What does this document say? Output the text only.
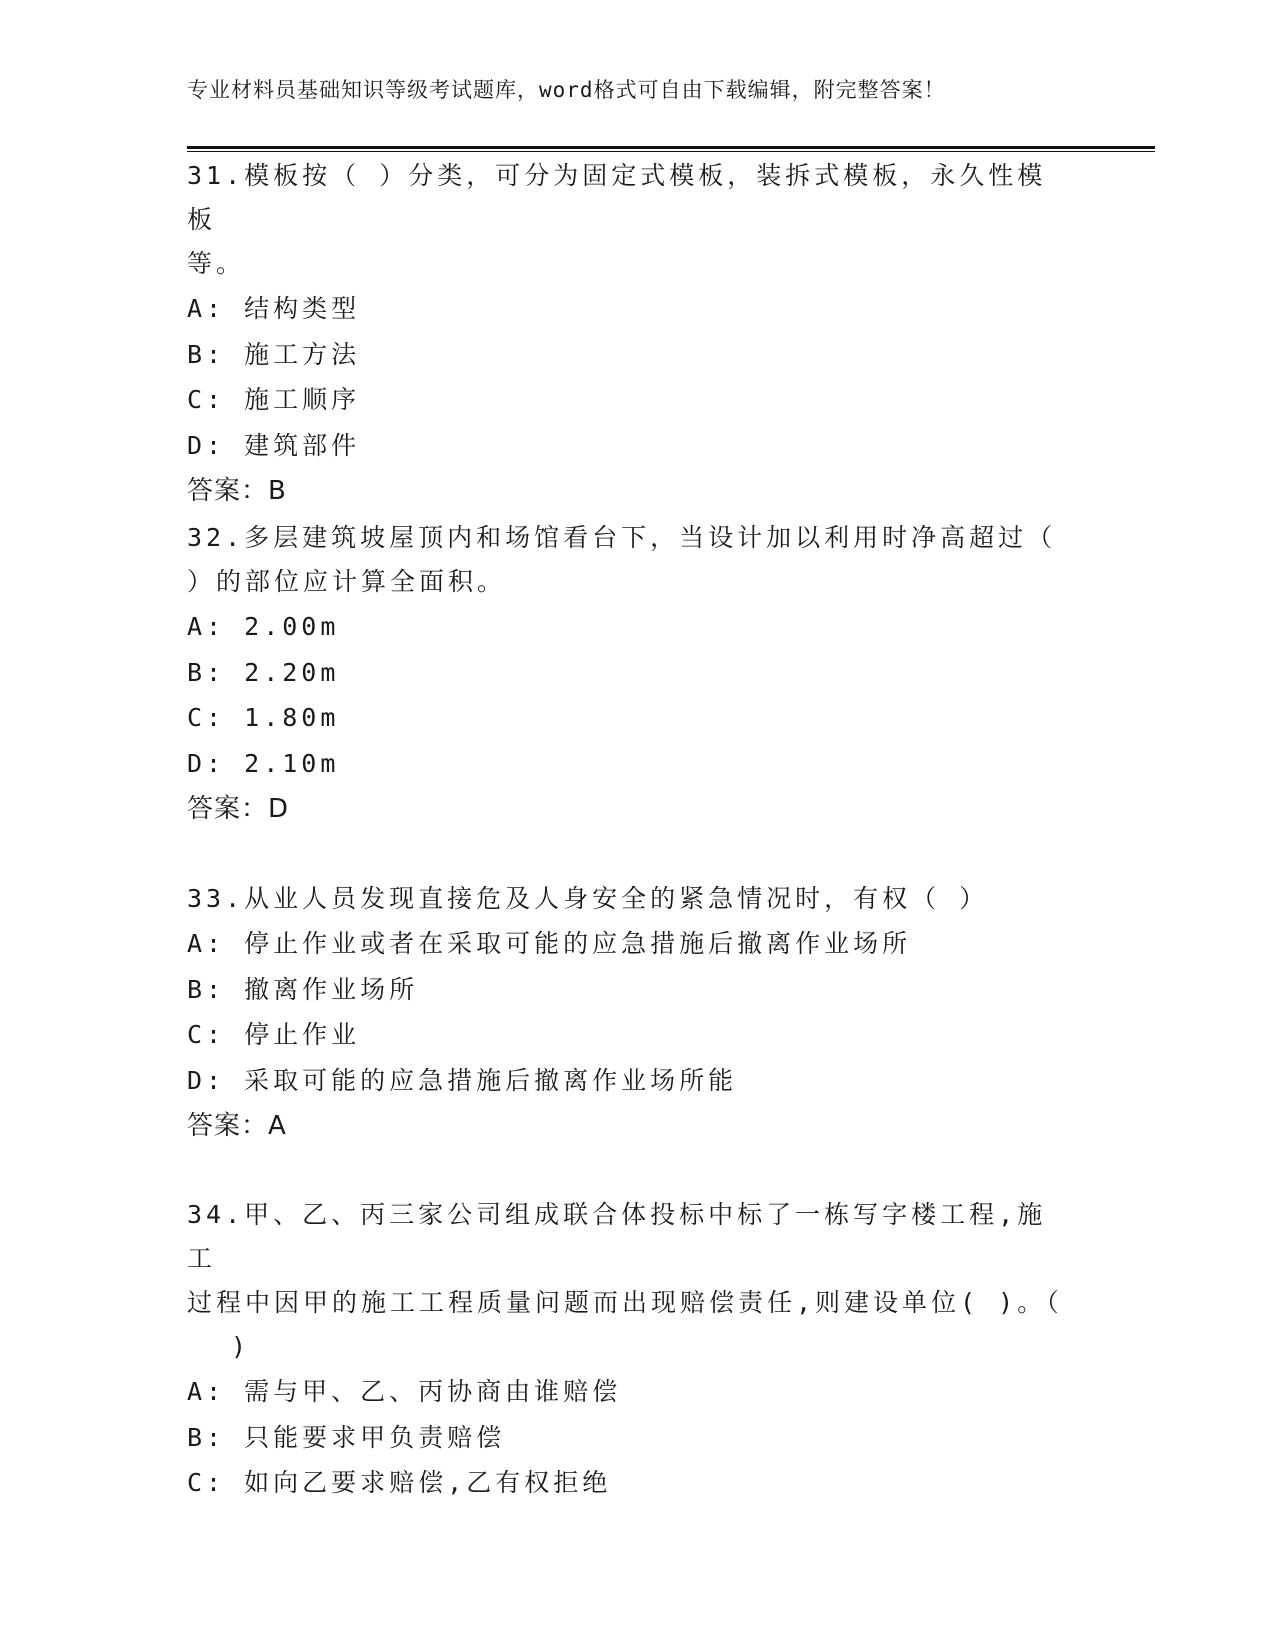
专业材料员基础知识等级考试题库，word格式可自由下载编辑，附完整答案！

31.模板按（ ）分类，可分为固定式模板，装拆式模板，永久性模板

等。

A: 结构类型

B: 施工方法

C: 施工顺序

D: 建筑部件

答案：B

32.多层建筑坡屋顶内和场馆看台下，当设计加以利用时净高超过（

）的部位应计算全面积。

A: 2.00m

B: 2.20m

C: 1.80m

D: 2.10m

答案：D

33.从业人员发现直接危及人身安全的紧急情况时，有权（ ）

A: 停止作业或者在采取可能的应急措施后撤离作业场所

B: 撤离作业场所

C: 停止作业

D: 采取可能的应急措施后撤离作业场所能

答案：A

34.甲、乙、丙三家公司组成联合体投标中标了一栋写字楼工程,施工

过程中因甲的施工工程质量问题而出现赔偿责任,则建设单位( )。（

)

A: 需与甲、乙、丙协商由谁赔偿

B: 只能要求甲负责赔偿

C: 如向乙要求赔偿,乙有权拒绝
